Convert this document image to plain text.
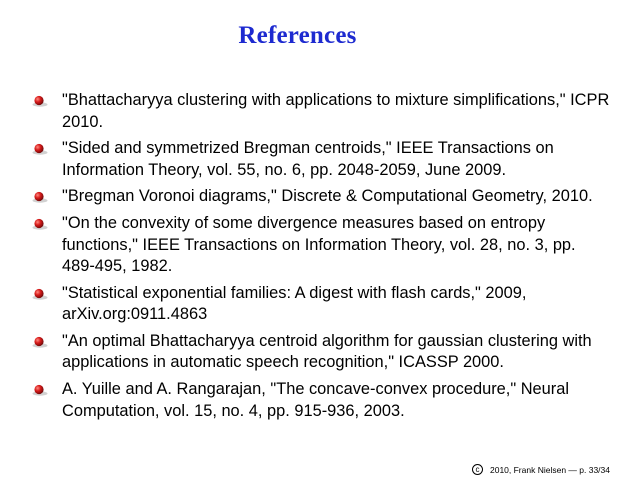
References
"Bhattacharyya clustering with applications to mixture simplifications," ICPR 2010.
"Sided and symmetrized Bregman centroids," IEEE Transactions on Information Theory, vol. 55, no. 6, pp. 2048-2059, June 2009.
"Bregman Voronoi diagrams," Discrete & Computational Geometry, 2010.
"On the convexity of some divergence measures based on entropy functions," IEEE Transactions on Information Theory, vol. 28, no. 3, pp. 489-495, 1982.
"Statistical exponential families: A digest with flash cards," 2009, arXiv.org:0911.4863
"An optimal Bhattacharyya centroid algorithm for gaussian clustering with applications in automatic speech recognition," ICASSP 2000.
A. Yuille and A. Rangarajan, "The concave-convex procedure," Neural Computation, vol. 15, no. 4, pp. 915-936, 2003.
c	2010, Frank Nielsen — p. 33/34
